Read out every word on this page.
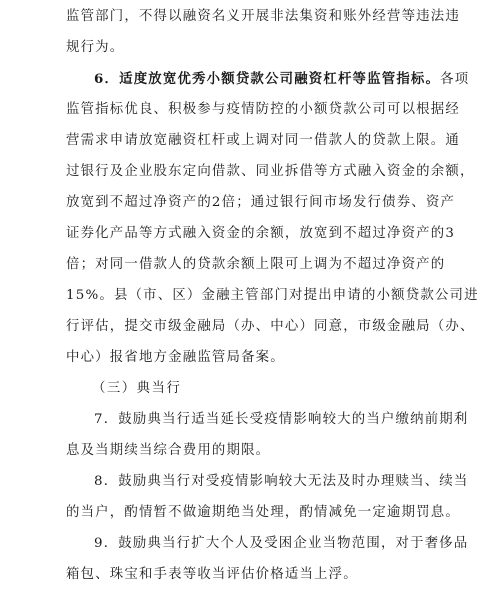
监管部门，不得以融资名义开展非法集资和账外经营等违法违
规行为。
6．适度放宽优秀小额贷款公司融资杠杆等监管指标。各项
监管指标优良、积极参与疫情防控的小额贷款公司可以根据经
营需求申请放宽融资杠杆或上调对同一借款人的贷款上限。通
过银行及企业股东定向借款、同业拆借等方式融入资金的余额，
放宽到不超过净资产的2倍；通过银行间市场发行债券、资产
证券化产品等方式融入资金的余额，放宽到不超过净资产的3
倍；对同一借款人的贷款余额上限可上调为不超过净资产的
15%。县（市、区）金融主管部门对提出申请的小额贷款公司进
行评估，提交市级金融局（办、中心）同意，市级金融局（办、
中心）报省地方金融监管局备案。
（三）典当行
7．鼓励典当行适当延长受疫情影响较大的当户缴纳前期利
息及当期续当综合费用的期限。
8．鼓励典当行对受疫情影响较大无法及时办理赎当、续当
的当户，酌情暂不做逾期绝当处理，酌情减免一定逾期罚息。
9．鼓励典当行扩大个人及受困企业当物范围，对于奢侈品
箱包、珠宝和手表等收当评估价格适当上浮。
